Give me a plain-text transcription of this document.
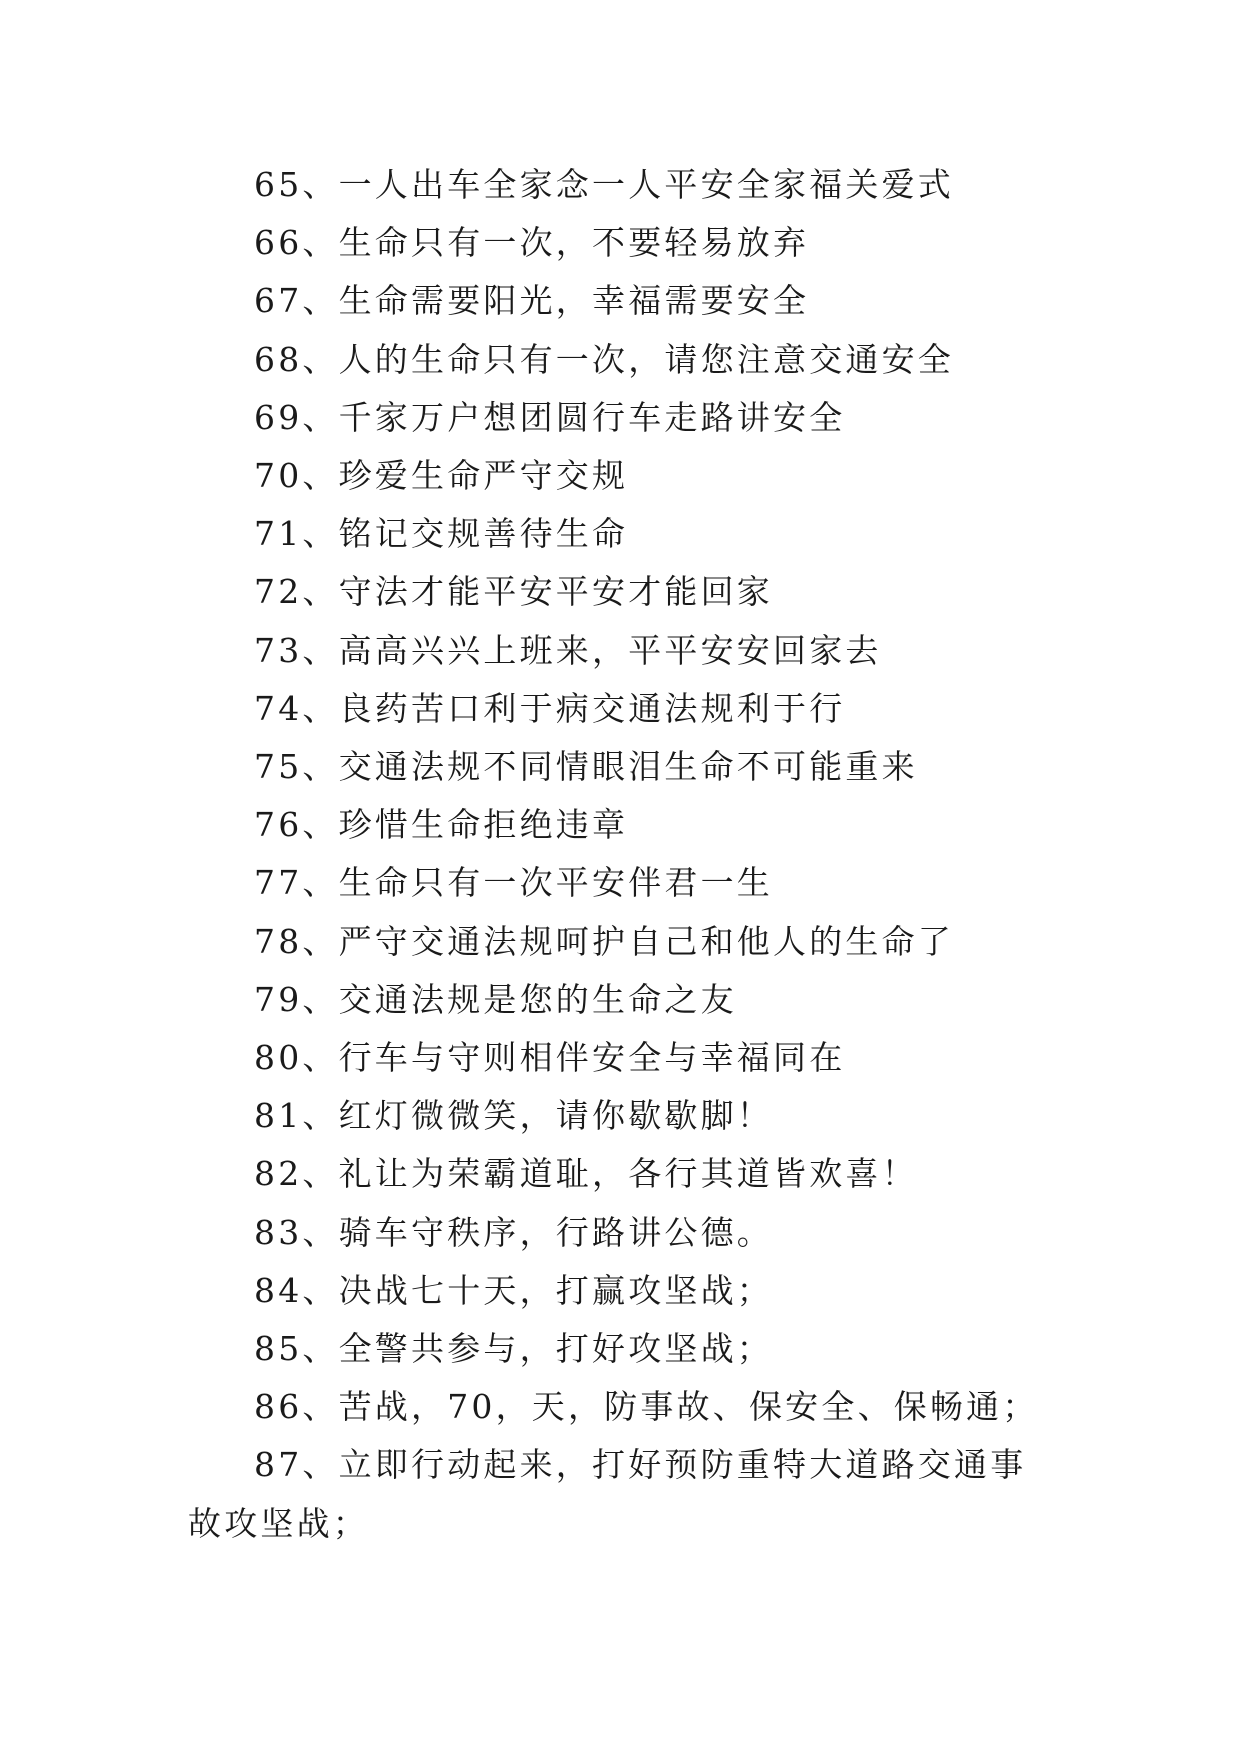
65、一人出车全家念一人平安全家福关爱式
66、生命只有一次，不要轻易放弃
67、生命需要阳光，幸福需要安全
68、人的生命只有一次，请您注意交通安全
69、千家万户想团圆行车走路讲安全
70、珍爱生命严守交规
71、铭记交规善待生命
72、守法才能平安平安才能回家
73、高高兴兴上班来，平平安安回家去
74、良药苦口利于病交通法规利于行
75、交通法规不同情眼泪生命不可能重来
76、珍惜生命拒绝违章
77、生命只有一次平安伴君一生
78、严守交通法规呵护自己和他人的生命了
79、交通法规是您的生命之友
80、行车与守则相伴安全与幸福同在
81、红灯微微笑，请你歇歇脚！
82、礼让为荣霸道耻，各行其道皆欢喜！
83、骑车守秩序，行路讲公德。
84、决战七十天，打赢攻坚战；
85、全警共参与，打好攻坚战；
86、苦战，70，天，防事故、保安全、保畅通；
87、立即行动起来，打好预防重特大道路交通事故攻坚战；
